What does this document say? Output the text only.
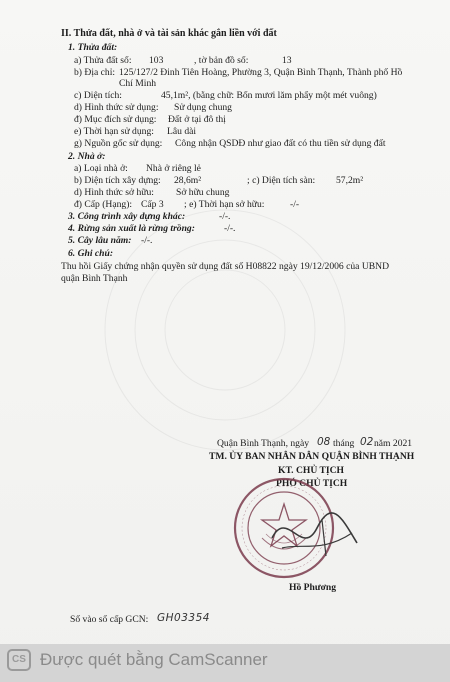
II. Thửa đất, nhà ở và tài sản khác gắn liền với đất
1. Thửa đất:
a) Thửa đất số: 103	, tờ bản đồ số:	13
b) Địa chỉ: 125/127/2 Đinh Tiên Hoàng, Phường 3, Quận Bình Thạnh, Thành phố Hồ
Chí Minh
c) Diện tích:	45,1m², (bằng chữ: Bốn mươi lăm phẩy một mét vuông)
d) Hình thức sử dụng: Sử dụng chung
đ) Mục đích sử dụng: Đất ở tại đô thị
e) Thời hạn sử dụng: Lâu dài
g) Nguồn gốc sử dụng: Công nhận QSDĐ như giao đất có thu tiền sử dụng đất
2. Nhà ở:
a) Loại nhà ở: Nhà ở riêng lẻ
b) Diện tích xây dựng: 28,6m²	; c) Diện tích sàn: 57,2m²
d) Hình thức sở hữu: Sở hữu chung
đ) Cấp (Hạng): Cấp 3 ; e) Thời hạn sở hữu:	-/-
3. Công trình xây dựng khác:	-/-.
4. Rừng sản xuất là rừng trồng:	-/-.
5. Cây lâu năm: -/-.
6. Ghi chú:
Thu hồi Giấy chứng nhận quyền sử dụng đất số H08822 ngày 19/12/2006 của UBND
quận Bình Thạnh
Quận Bình Thạnh, ngày 08 tháng 02 năm 2021
TM. ỦY BAN NHÂN DÂN QUẬN BÌNH THẠNH
KT. CHỦ TỊCH
PHÓ CHỦ TỊCH
Hồ Phương
Số vào sổ cấp GCN: GH03354
CS Được quét bằng CamScanner
